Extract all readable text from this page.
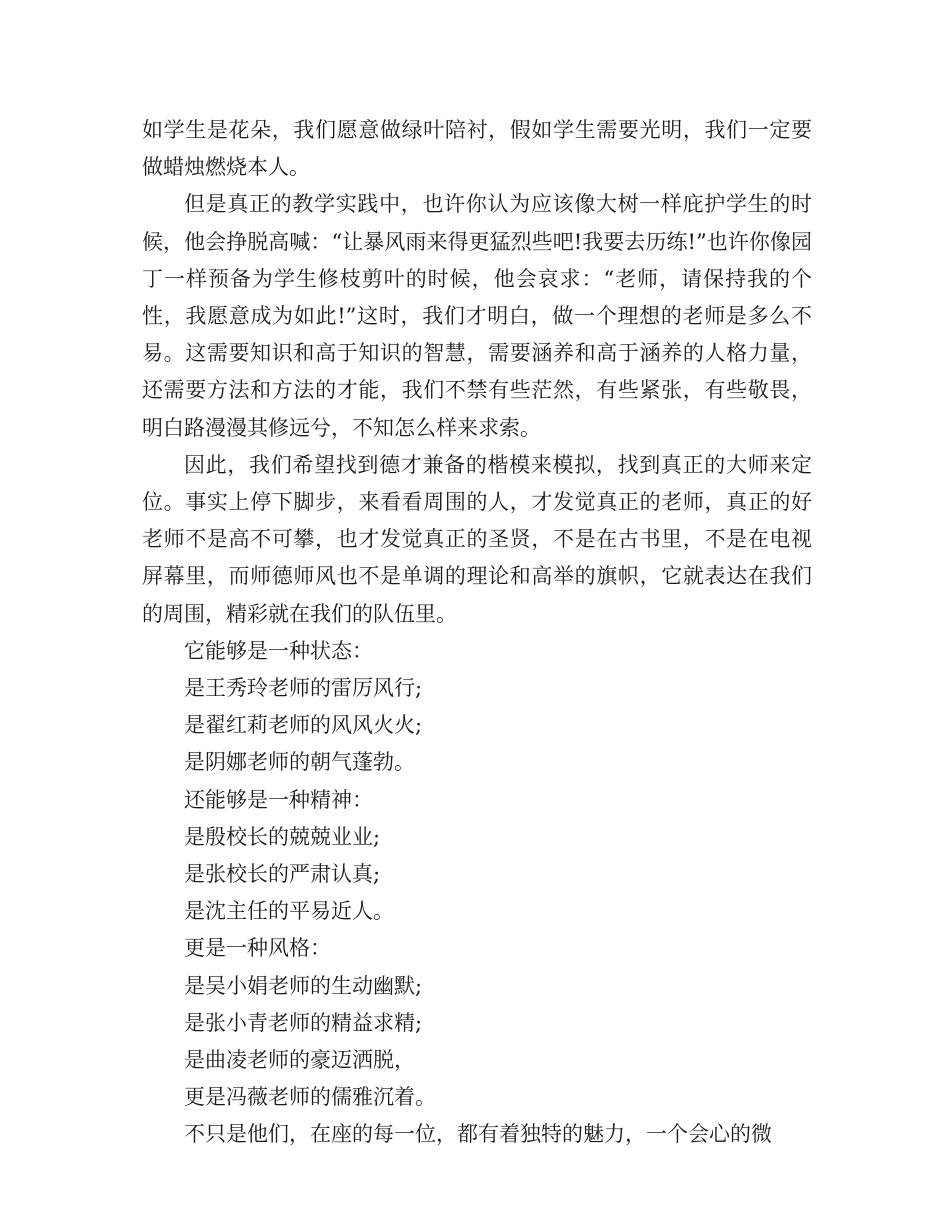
如学生是花朵，我们愿意做绿叶陪衬，假如学生需要光明，我们一定要做蜡烛燃烧本人。

但是真正的教学实践中，也许你认为应该像大树一样庇护学生的时候，他会挣脱高喊：“让暴风雨来得更猛烈些吧!我要去历练!”也许你像园丁一样预备为学生修枝剪叶的时候，他会哀求：“老师，请保持我的个性，我愿意成为如此!”这时，我们才明白，做一个理想的老师是多么不易。这需要知识和高于知识的智慧，需要涵养和高于涵养的人格力量，还需要方法和方法的才能，我们不禁有些茫然，有些紧张，有些敬畏，明白路漫漫其修远兮，不知怎么样来求索。

因此，我们希望找到德才兼备的楷模来模拟，找到真正的大师来定位。事实上停下脚步，来看看周围的人，才发觉真正的老师，真正的好老师不是高不可攀，也才发觉真正的圣贤，不是在古书里，不是在电视屏幕里，而师德师风也不是单调的理论和高举的旗帜，它就表达在我们的周围，精彩就在我们的队伍里。

它能够是一种状态：

是王秀玲老师的雷厉风行;

是翟红莉老师的风风火火;

是阴娜老师的朝气蓬勃。

还能够是一种精神：

是殷校长的兢兢业业;

是张校长的严肃认真;

是沈主任的平易近人。

更是一种风格：

是吴小娟老师的生动幽默;

是张小青老师的精益求精;

是曲凌老师的豪迈洒脱，

更是冯薇老师的儒雅沉着。

不只是他们，在座的每一位，都有着独特的魅力，一个会心的微
